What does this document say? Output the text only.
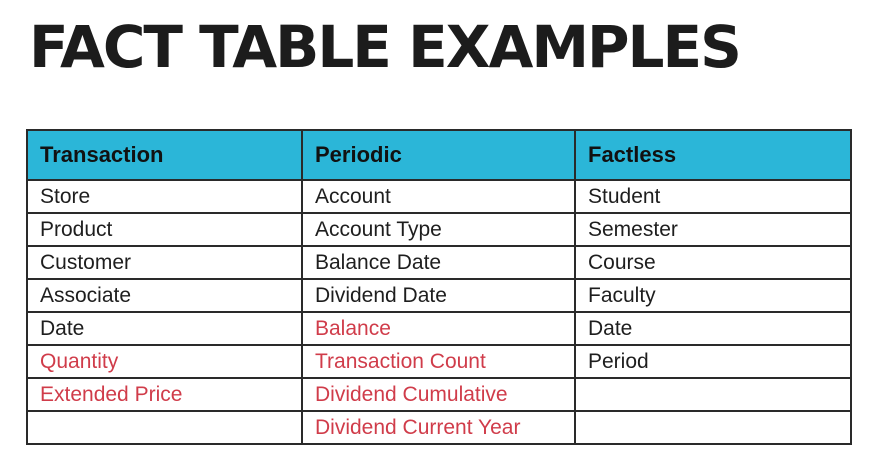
FACT TABLE EXAMPLES
Transaction	Periodic	Factless
Store	Account	Student
Product	Account Type	Semester
Customer	Balance Date	Course
Associate	Dividend Date	Faculty
Date	Balance	Date
Quantity	Transaction Count	Period
Extended Price	Dividend Cumulative	
	Dividend Current Year	
